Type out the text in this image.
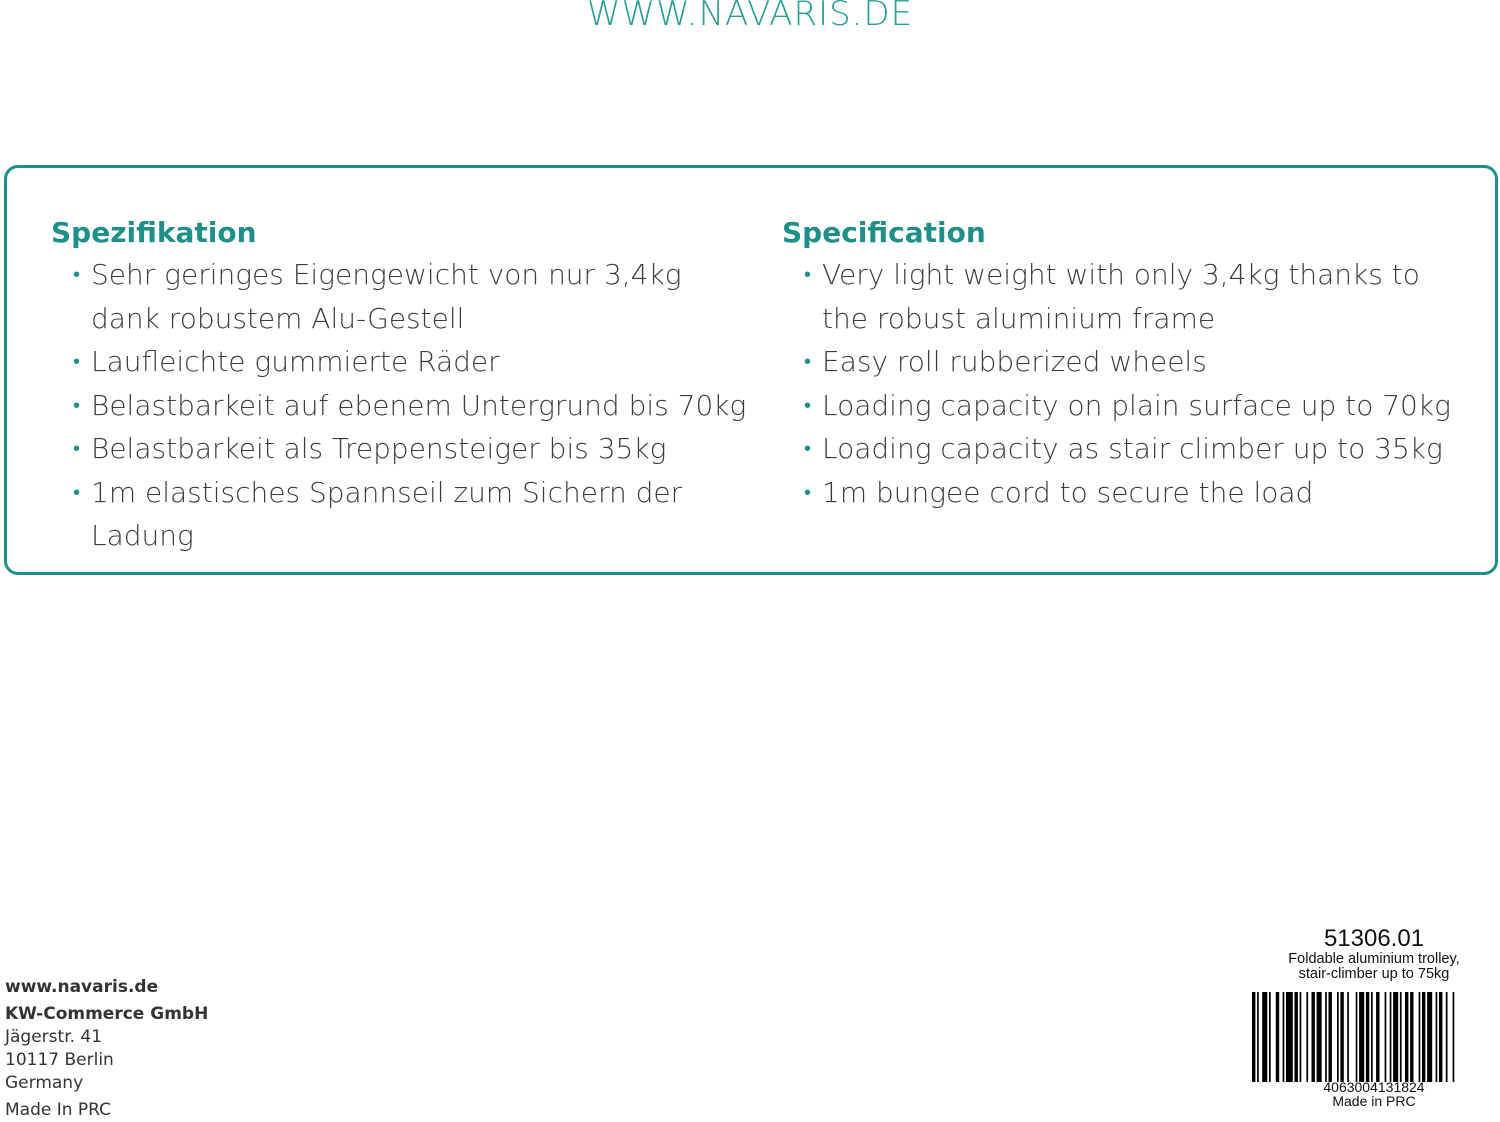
WWW.NAVARIS.DE
Spezifikation
• Sehr geringes Eigengewicht von nur 3,4kg dank robustem Alu-Gestell
• Laufleichte gummierte Räder
• Belastbarkeit auf ebenem Untergrund bis 70kg
• Belastbarkeit als Treppensteiger bis 35kg
• 1m elastisches Spannseil zum Sichern der Ladung
Specification
• Very light weight with only 3,4kg thanks to the robust aluminium frame
• Easy roll rubberized wheels
• Loading capacity on plain surface up to 70kg
• Loading capacity as stair climber up to 35kg
• 1m bungee cord to secure the load
www.navaris.de
KW-Commerce GmbH
Jägerstr. 41
10117 Berlin
Germany
Made In PRC
51306.01
Foldable aluminium trolley,
stair-climber up to 75kg
4063004131824
Made in PRC
